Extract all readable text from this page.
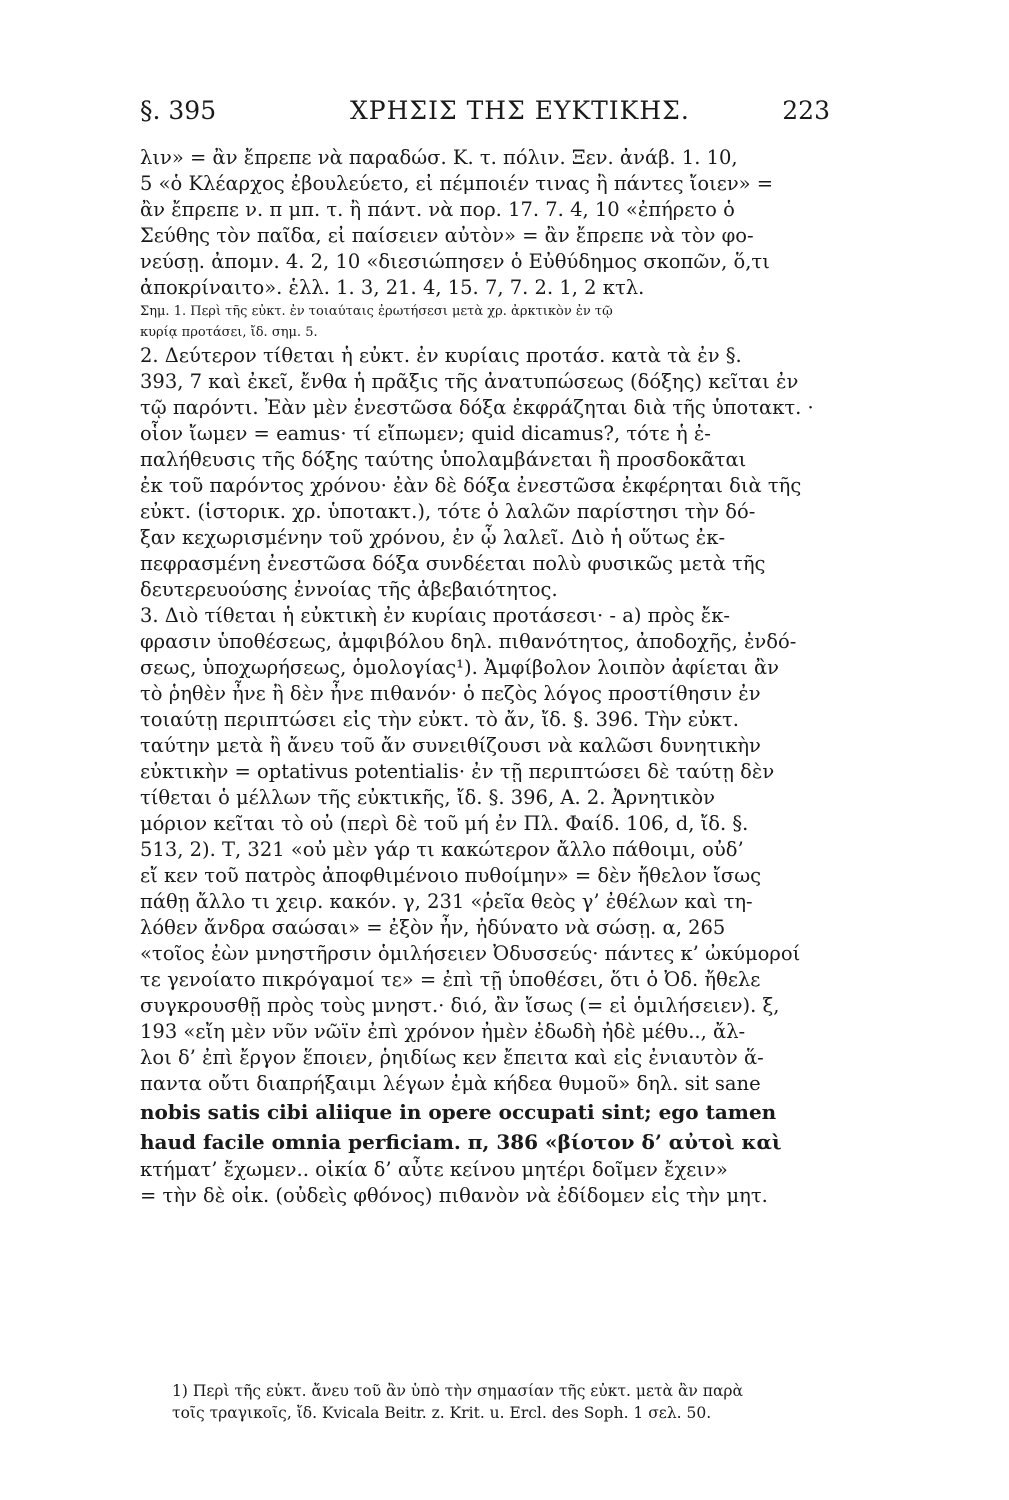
§. 395	ΧΡΗΣΙΣ ΤΗΣ ΕΥΚΤΙΚΗΣ.	223
λιν» = ἂν ἔπρεπε νὰ παραδώσ. Κ. τ. πόλιν. Ξεν. ἀνάβ. 1. 10,
5 «ὁ Κλέαρχος ἐβουλεύετο, εἰ πέμποιέν τινας ἢ πάντες ἴοιεν» =
ἂν ἔπρεπε ν. π μπ. τ. ἢ πάντ. νὰ πορ. 17. 7. 4, 10 «ἐπήρετο ὁ
Σεύθης τὸν παῖδα, εἰ παίσειεν αὐτὸν» = ἂν ἔπρεπε νὰ τὸν φο-
νεύσῃ. ἀπομν. 4. 2, 10 «διεσιώπησεν ὁ Εὐθύδημος σκοπῶν, ὅ,τι
ἀποκρίναιτο». ἑλλ. 1. 3, 21. 4, 15. 7, 7. 2. 1, 2 κτλ.
Σημ. 1. Περὶ τῆς εὐκτ. ἐν τοιαύταις ἐρωτήσεσι μετὰ χρ. ἀρκτικὸν ἐν τῷ
κυρίᾳ προτάσει, ἴδ. σημ. 5.
2. Δεύτερον τίθεται ἡ εὐκτ. ἐν κυρίαις προτάσ. κατὰ τὰ ἐν §.
393, 7 καὶ ἐκεῖ, ἔνθα ἡ πρᾶξις τῆς ἀνατυπώσεως (δόξης) κεῖται ἐν
τῷ παρόντι. Ἐὰν μὲν ἐνεστῶσα δόξα ἐκφράζηται διὰ τῆς ὑποτακτ. ·
οἷον ἴωμεν = eamus· τί εἴπωμεν; quid dicamus?, τότε ἡ ἐ-
παλήθευσις τῆς δόξης ταύτης ὑπολαμβάνεται ἢ προσδοκᾶται
ἐκ τοῦ παρόντος χρόνου· ἐὰν δὲ δόξα ἐνεστῶσα ἐκφέρηται διὰ τῆς
εὐκτ. (ἱστορικ. χρ. ὑποτακτ.), τότε ὁ λαλῶν παρίστησι τὴν δό-
ξαν κεχωρισμένην τοῦ χρόνου, ἐν ᾧ λαλεῖ. Διὸ ἡ οὕτως ἐκ-
πεφρασμένη ἐνεστῶσα δόξα συνδέεται πολὺ φυσικῶς μετὰ τῆς
δευτερευούσης ἐννοίας τῆς ἀβεβαιότητος.
3. Διὸ τίθεται ἡ εὐκτικὴ ἐν κυρίαις προτάσεσι· - a) πρὸς ἔκ-
φρασιν ὑποθέσεως, ἀμφιβόλου δηλ. πιθανότητος, ἀποδοχῆς, ἐνδό-
σεως, ὑποχωρήσεως, ὁμολογίας¹). Ἀμφίβολον λοιπὸν ἀφίεται ἂν
τὸ ῥηθὲν ἦνε ἢ δὲν ἦνε πιθανόν· ὁ πεζὸς λόγος προστίθησιν ἐν
τοιαύτῃ περιπτώσει εἰς τὴν εὐκτ. τὸ ἄν, ἴδ. §. 396. Τὴν εὐκτ.
ταύτην μετὰ ἢ ἄνευ τοῦ ἄν συνειθίζουσι νὰ καλῶσι δυνητικὴν
εὐκτικὴν = optativus potentialis· ἐν τῇ περιπτώσει δὲ ταύτῃ δὲν
τίθεται ὁ μέλλων τῆς εὐκτικῆς, ἴδ. §. 396, A. 2. Ἀρνητικὸν
μόριον κεῖται τὸ οὐ (περὶ δὲ τοῦ μή ἐν Πλ. Φαίδ. 106, d, ἴδ. §.
513, 2). Τ, 321 «οὐ μὲν γάρ τι κακώτερον ἄλλο πάθοιμι, οὐδ’
εἴ κεν τοῦ πατρὸς ἀποφθιμένοιο πυθοίμην» = δὲν ἤθελον ἴσως
πάθῃ ἄλλο τι χειρ. κακόν. γ, 231 «ῥεῖα θεὸς γ’ ἐθέλων καὶ τη-
λόθεν ἄνδρα σαώσαι» = ἐξὸν ἦν, ἠδύνατο νὰ σώσῃ. α, 265
«τοῖος ἐὼν μνηστῆρσιν ὁμιλήσειεν Ὀδυσσεύς· πάντες κ’ ὠκύμοροί
τε γενοίατο πικρόγαμοί τε» = ἐπὶ τῇ ὑποθέσει, ὅτι ὁ Ὀδ. ἤθελε
συγκρουσθῇ πρὸς τοὺς μνηστ.· διό, ἂν ἴσως (= εἰ ὁμιλήσειεν). ξ,
193 «εἴη μὲν νῦν νῶϊν ἐπὶ χρόνον ἠμὲν ἐδωδὴ ἠδὲ μέθυ.., ἄλ-
λοι δ’ ἐπὶ ἔργον ἕποιεν, ῥηιδίως κεν ἔπειτα καὶ εἰς ἐνιαυτὸν ἅ-
παντα οὔτι διαπρήξαιμι λέγων ἐμὰ κήδεα θυμοῦ» δηλ. sit sane
nobis satis cibi aliique in opere occupati sint; ego tamen
haud facile omnia perficiam. π, 386 «βίοτον δ’ αὐτοὶ καὶ
κτήματ’ ἔχωμεν.. οἰκία δ’ αὖτε κείνου μητέρι δοῖμεν ἔχειν»
= τὴν δὲ οἰκ. (οὐδεὶς φθόνος) πιθανὸν νὰ ἐδίδομεν εἰς τὴν μητ.
1) Περὶ τῆς εὐκτ. ἄνευ τοῦ ἂν ὑπὸ τὴν σημασίαν τῆς εὐκτ. μετὰ ἂν παρὰ
τοῖς τραγικοῖς, ἴδ. Kvicala Beitr. z. Krit. u. Ercl. des Soph. 1 σελ. 50.
